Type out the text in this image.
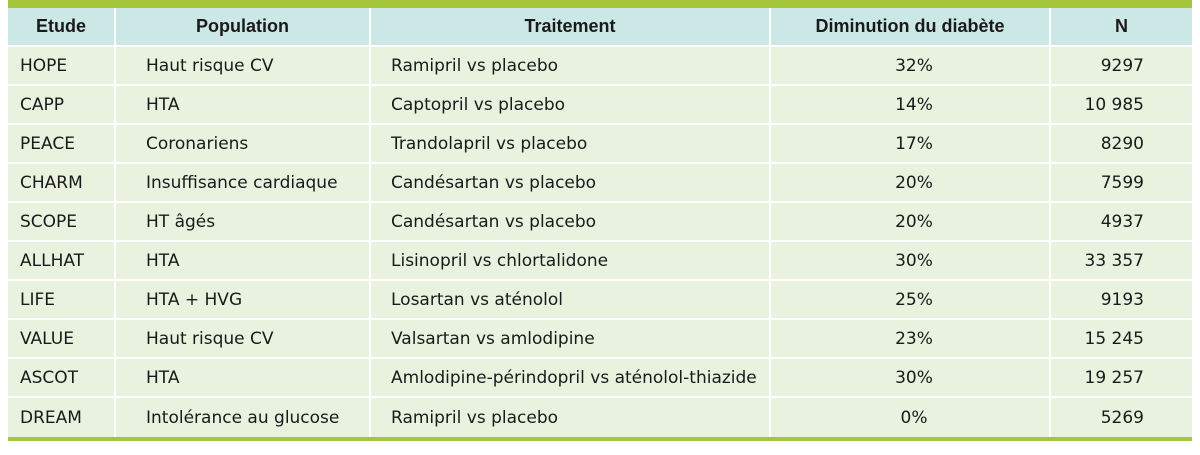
Etude	Population	Traitement	Diminution du diabète	N
HOPE	Haut risque CV	Ramipril vs placebo	32%	9297
CAPP	HTA	Captopril vs placebo	14%	10 985
PEACE	Coronariens	Trandolapril vs placebo	17%	8290
CHARM	Insuffisance cardiaque	Candésartan vs placebo	20%	7599
SCOPE	HT âgés	Candésartan vs placebo	20%	4937
ALLHAT	HTA	Lisinopril vs chlortalidone	30%	33 357
LIFE	HTA + HVG	Losartan vs aténolol	25%	9193
VALUE	Haut risque CV	Valsartan vs amlodipine	23%	15 245
ASCOT	HTA	Amlodipine-périndopril vs aténolol-thiazide	30%	19 257
DREAM	Intolérance au glucose	Ramipril vs placebo	0%	5269
